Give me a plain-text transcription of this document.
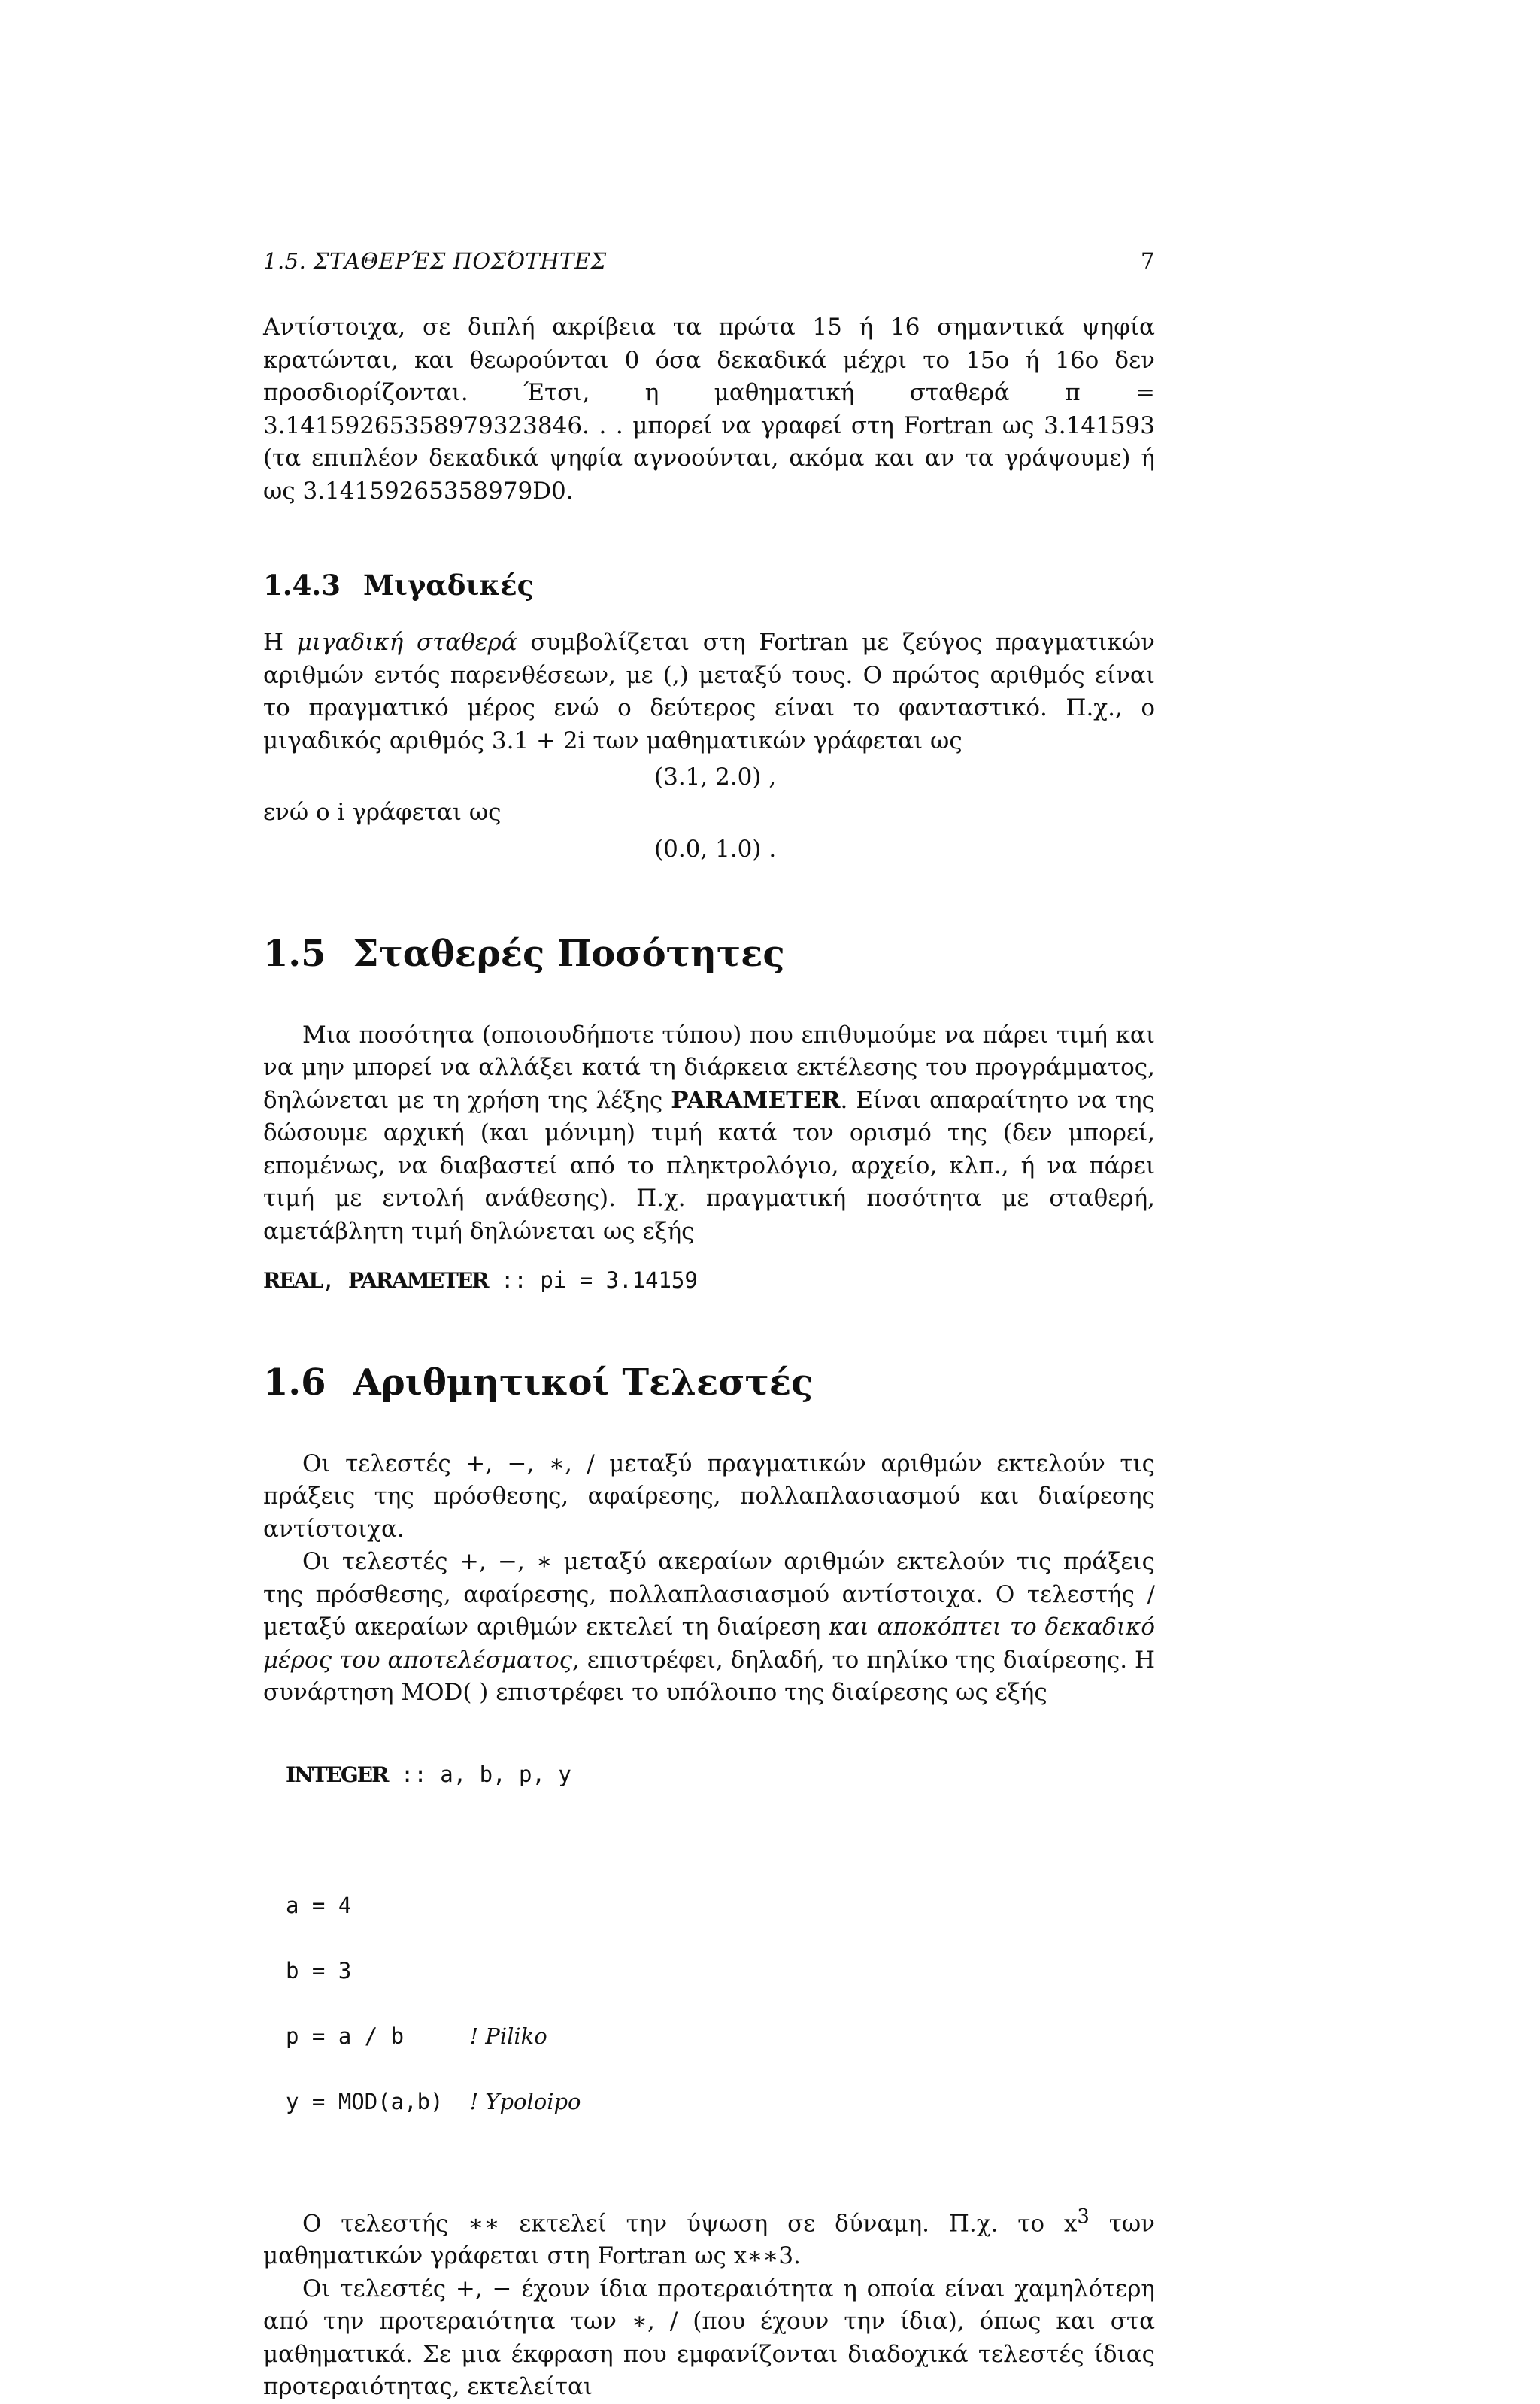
1.5. ΣΤΑΘΕΡΈΣ ΠΟΣΌΤΗΤΕΣ	7

Αντίστοιχα, σε διπλή ακρίβεια τα πρώτα 15 ή 16 σημαντικά ψηφία κρατώνται, και θεωρούνται 0 όσα δεκαδικά μέχρι το 15ο ή 16ο δεν προσδιορίζονται. Έτσι, η μαθηματική σταθερά π = 3.14159265358979323846. . . μπορεί να γραφεί στη Fortran ως 3.141593 (τα επιπλέον δεκαδικά ψηφία αγνοούνται, ακόμα και αν τα γράψουμε) ή ως 3.14159265358979D0.

1.4.3 Μιγαδικές

Η μιγαδική σταθερά συμβολίζεται στη Fortran με ζεύγος πραγματικών αριθμών εντός παρενθέσεων, με (,) μεταξύ τους. Ο πρώτος αριθμός είναι το πραγματικό μέρος ενώ ο δεύτερος είναι το φανταστικό. Π.χ., ο μιγαδικός αριθμός 3.1 + 2i των μαθηματικών γράφεται ως

(3.1, 2.0) ,

ενώ ο i γράφεται ως

(0.0, 1.0) .
1.5 Σταθερές Ποσότητες

Μια ποσότητα (οποιουδήποτε τύπου) που επιθυμούμε να πάρει τιμή και να μην μπορεί να αλλάξει κατά τη διάρκεια εκτέλεσης του προγράμματος, δηλώνεται με τη χρήση της λέξης PARAMETER. Είναι απαραίτητο να της δώσουμε αρχική (και μόνιμη) τιμή κατά τον ορισμό της (δεν μπορεί, επομένως, να διαβαστεί από το πληκτρολόγιο, αρχείο, κλπ., ή να πάρει τιμή με εντολή ανάθεσης). Π.χ. πραγματική ποσότητα με σταθερή, αμετάβλητη τιμή δηλώνεται ως εξής

REAL, PARAMETER :: pi = 3.14159
1.6 Αριθμητικοί Τελεστές

Οι τελεστές +, −, ∗, / μεταξύ πραγματικών αριθμών εκτελούν τις πράξεις της πρόσθεσης, αφαίρεσης, πολλαπλασιασμού και διαίρεσης αντίστοιχα.

Οι τελεστές +, −, ∗ μεταξύ ακεραίων αριθμών εκτελούν τις πράξεις της πρόσθεσης, αφαίρεσης, πολλαπλασιασμού αντίστοιχα. Ο τελεστής / μεταξύ ακεραίων αριθμών εκτελεί τη διαίρεση και αποκόπτει το δεκαδικό μέρος του αποτελέσματος, επιστρέφει, δηλαδή, το πηλίκο της διαίρεσης. Η συνάρτηση MOD( ) επιστρέφει το υπόλοιπο της διαίρεσης ως εξής

INTEGER :: a, b, p, y

a = 4

b = 3

p = a / b     ! Piliko

y = MOD(a,b)  ! Ypoloipo

Ο τελεστής ∗∗ εκτελεί την ύψωση σε δύναμη. Π.χ. το $x^3$ των μαθηματικών γράφεται στη Fortran ως x∗∗3.

Οι τελεστές +, − έχουν ίδια προτεραιότητα η οποία είναι χαμηλότερη από την προτεραιότητα των ∗, / (που έχουν την ίδια), όπως και στα μαθηματικά. Σε μια έκφραση που εμφανίζονται διαδοχικά τελεστές ίδιας προτεραιότητας, εκτελείται
